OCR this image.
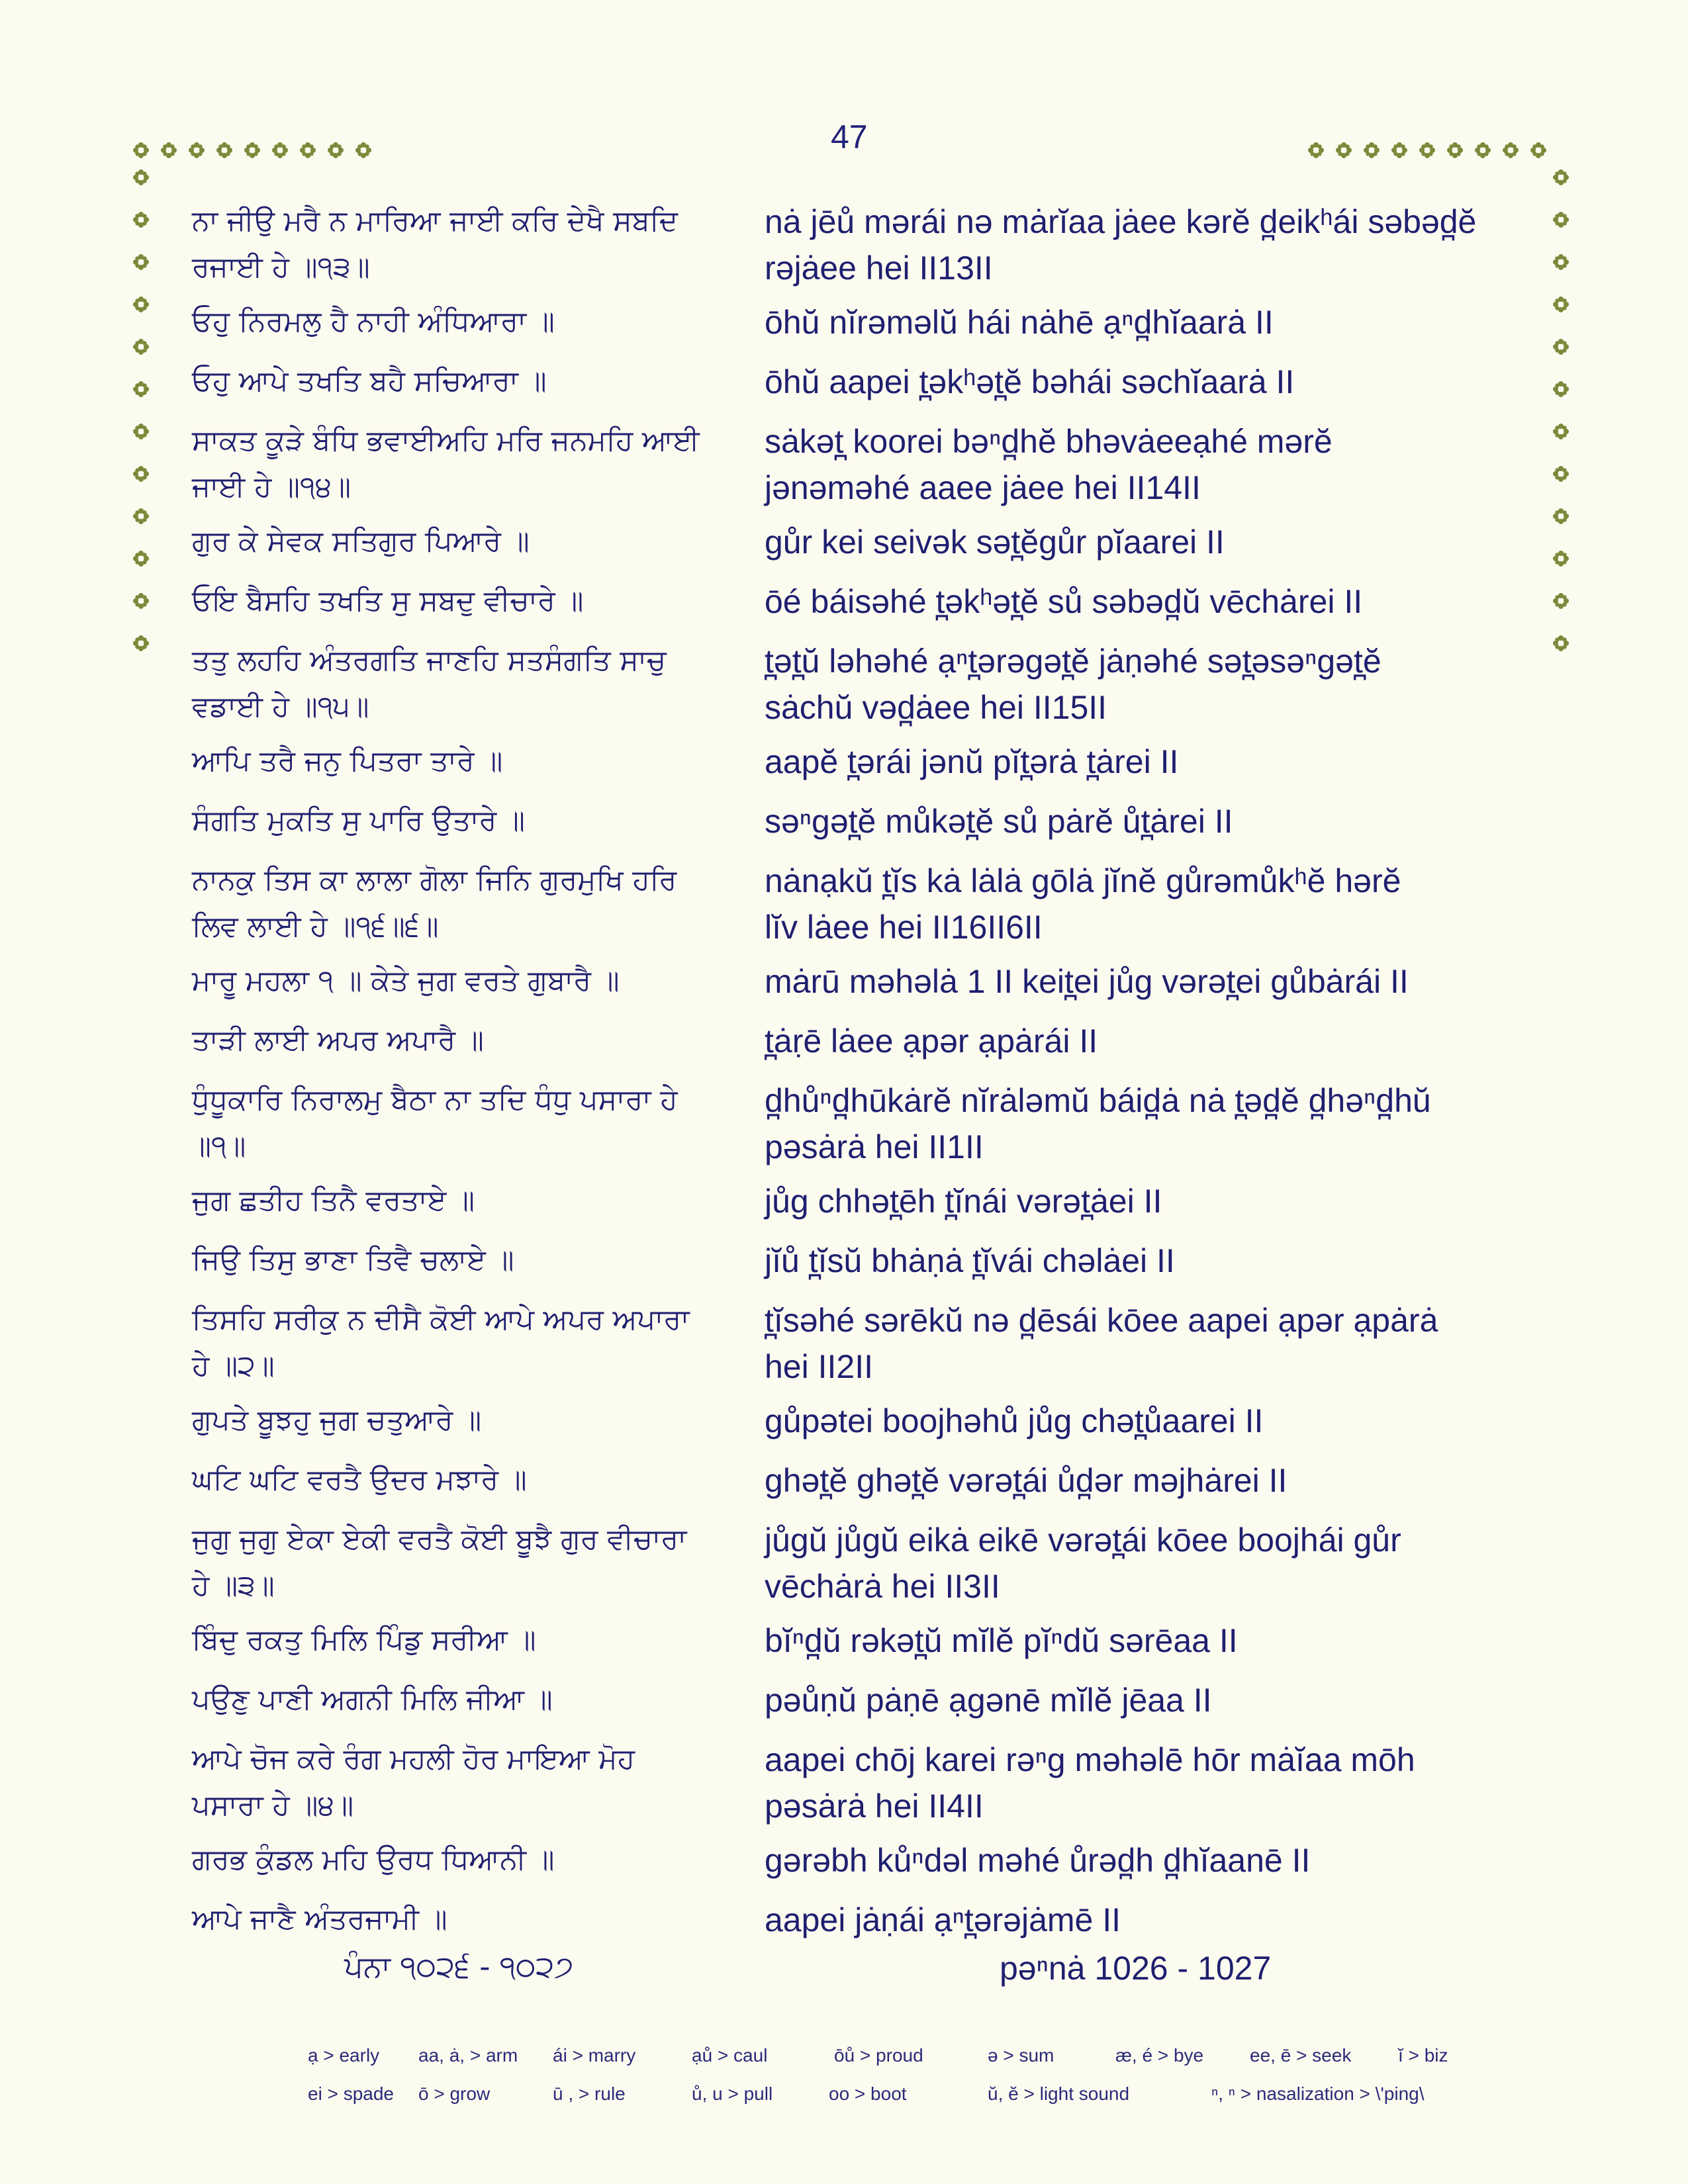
47
ਨਾ ਜੀਉ ਮਰੈ ਨ ਮਾਰਿਆ ਜਾਈ ਕਰਿ ਦੇਖੈ ਸਬਦਿ
ਰਜਾਈ ਹੇ ॥੧੩॥
nȧ jēů mərái nə mȧrĭaa jȧee kərĕ d̪eikʰái səbəd̪ĕ
rəjȧee hei II13II
ਓਹੁ ਨਿਰਮਲੁ ਹੈ ਨਾਹੀ ਅੰਧਿਆਰਾ ॥	ōhŭ nĭrəməlŭ hái nȧhē ạⁿd̪hĭaarȧ II
ਓਹੁ ਆਪੇ ਤਖਤਿ ਬਹੈ ਸਚਿਆਰਾ ॥	ōhŭ aapei t̪əkʰət̪ĕ bəhái səchĭaarȧ II
ਸਾਕਤ ਕੂੜੇ ਬੰਧਿ ਭਵਾਈਅਹਿ ਮਰਿ ਜਨਮਹਿ ਆਈ
ਜਾਈ ਹੇ ॥੧੪॥
sȧkət̪ koorei bəⁿd̪hĕ bhəvȧeeạhé mərĕ
jənəməhé aaee jȧee hei II14II
ਗੁਰ ਕੇ ਸੇਵਕ ਸਤਿਗੁਰ ਪਿਆਰੇ ॥	gůr kei seivək sət̪ĕgůr pĭaarei II
ਓਇ ਬੈਸਹਿ ਤਖਤਿ ਸੁ ਸਬਦੁ ਵੀਚਾਰੇ ॥	ōé báisəhé t̪əkʰət̪ĕ sů səbəd̪ŭ vēchȧrei II
ਤਤੁ ਲਹਹਿ ਅੰਤਰਗਤਿ ਜਾਣਹਿ ਸਤਸੰਗਤਿ ਸਾਚੁ
ਵਡਾਈ ਹੇ ॥੧੫॥
t̪ət̪ŭ ləhəhé ạⁿt̪ərəgət̪ĕ jȧṇəhé sət̪əsəⁿgət̪ĕ
sȧchŭ vəd̪ȧee hei II15II
ਆਪਿ ਤਰੈ ਜਨੁ ਪਿਤਰਾ ਤਾਰੇ ॥	aapĕ t̪ərái jənŭ pĭt̪ərȧ t̪ȧrei II
ਸੰਗਤਿ ਮੁਕਤਿ ਸੁ ਪਾਰਿ ਉਤਾਰੇ ॥	səⁿgət̪ĕ můkət̪ĕ sů pȧrĕ ůt̪ȧrei II
ਨਾਨਕੁ ਤਿਸ ਕਾ ਲਾਲਾ ਗੋਲਾ ਜਿਨਿ ਗੁਰਮੁਖਿ ਹਰਿ
ਲਿਵ ਲਾਈ ਹੇ ॥੧੬॥੬॥
nȧnạkŭ t̪ĭs kȧ lȧlȧ gōlȧ jĭnĕ gůrəmůkʰĕ hərĕ
lĭv lȧee hei II16II6II
ਮਾਰੂ ਮਹਲਾ ੧ ॥ ਕੇਤੇ ਜੁਗ ਵਰਤੇ ਗੁਬਾਰੈ ॥	mȧrū məhəlȧ 1 II keit̪ei jůg vərət̪ei gůbȧrái II
ਤਾੜੀ ਲਾਈ ਅਪਰ ਅਪਾਰੈ ॥	t̪ȧṛē lȧee ạpər ạpȧrái II
ਧੁੰਧੂਕਾਰਿ ਨਿਰਾਲਮੁ ਬੈਠਾ ਨਾ ਤਦਿ ਧੰਧੁ ਪਸਾਰਾ ਹੇ
॥੧॥
d̪hůⁿd̪hūkȧrĕ nĭrȧləmŭ báid̪ȧ nȧ t̪əd̪ĕ d̪həⁿd̪hŭ
pəsȧrȧ hei II1II
ਜੁਗ ਛਤੀਹ ਤਿਨੈ ਵਰਤਾਏ ॥	jůg chhət̪ēh t̪ĭnái vərət̪ȧei II
ਜਿਉ ਤਿਸੁ ਭਾਣਾ ਤਿਵੈ ਚਲਾਏ ॥	jĭů t̪ĭsŭ bhȧṇȧ t̪ĭvái chəlȧei II
ਤਿਸਹਿ ਸਰੀਕੁ ਨ ਦੀਸੈ ਕੋਈ ਆਪੇ ਅਪਰ ਅਪਾਰਾ
ਹੇ ॥੨॥
t̪ĭsəhé sərēkŭ nə d̪ēsái kōee aapei ạpər ạpȧrȧ
hei II2II
ਗੁਪਤੇ ਬੂਝਹੁ ਜੁਗ ਚਤੁਆਰੇ ॥	gůpətei boojhəhů jůg chət̪ůaarei II
ਘਟਿ ਘਟਿ ਵਰਤੈ ਉਦਰ ਮਝਾਰੇ ॥	ghət̪ĕ ghət̪ĕ vərət̪ái ůd̪ər məjhȧrei II
ਜੁਗੁ ਜੁਗੁ ਏਕਾ ਏਕੀ ਵਰਤੈ ਕੋਈ ਬੂਝੈ ਗੁਰ ਵੀਚਾਰਾ
ਹੇ ॥੩॥
jůgŭ jůgŭ eikȧ eikē vərət̪ái kōee boojhái gůr
vēchȧrȧ hei II3II
ਬਿੰਦੁ ਰਕਤੁ ਮਿਲਿ ਪਿੰਡੁ ਸਰੀਆ ॥	bĭⁿd̪ŭ rəkət̪ŭ mĭlĕ pĭⁿdŭ sərēaa II
ਪਉਣੁ ਪਾਣੀ ਅਗਨੀ ਮਿਲਿ ਜੀਆ ॥	pəůṇŭ pȧṇē ạgənē mĭlĕ jēaa II
ਆਪੇ ਚੋਜ ਕਰੇ ਰੰਗ ਮਹਲੀ ਹੋਰ ਮਾਇਆ ਮੋਹ
ਪਸਾਰਾ ਹੇ ॥੪॥
aapei chōj karei rəⁿg məhəlē hōr mȧĭaa mōh
pəsȧrȧ hei II4II
ਗਰਭ ਕੁੰਡਲ ਮਹਿ ਉਰਧ ਧਿਆਨੀ ॥	gərəbh kůⁿdəl məhé ůrəd̪h d̪hĭaanē II
ਆਪੇ ਜਾਣੈ ਅੰਤਰਜਾਮੀ ॥	aapei jȧṇái ạⁿt̪ərəjȧmē II
ਪੰਨਾ ੧੦੨੬ - ੧੦੨੭	pəⁿnȧ 1026 - 1027
ạ > early aa, ȧ, > arm ái > marry	ạů > caul	ōů > proud	ə > sum	æ, é > bye ee, ē > seek	ĭ > biz
ei > spade ō > grow	ū , > rule	ů, u > pull	oo > boot	ŭ, ĕ > light sound	ⁿ, ⁿ > nasalization > \'ping\
